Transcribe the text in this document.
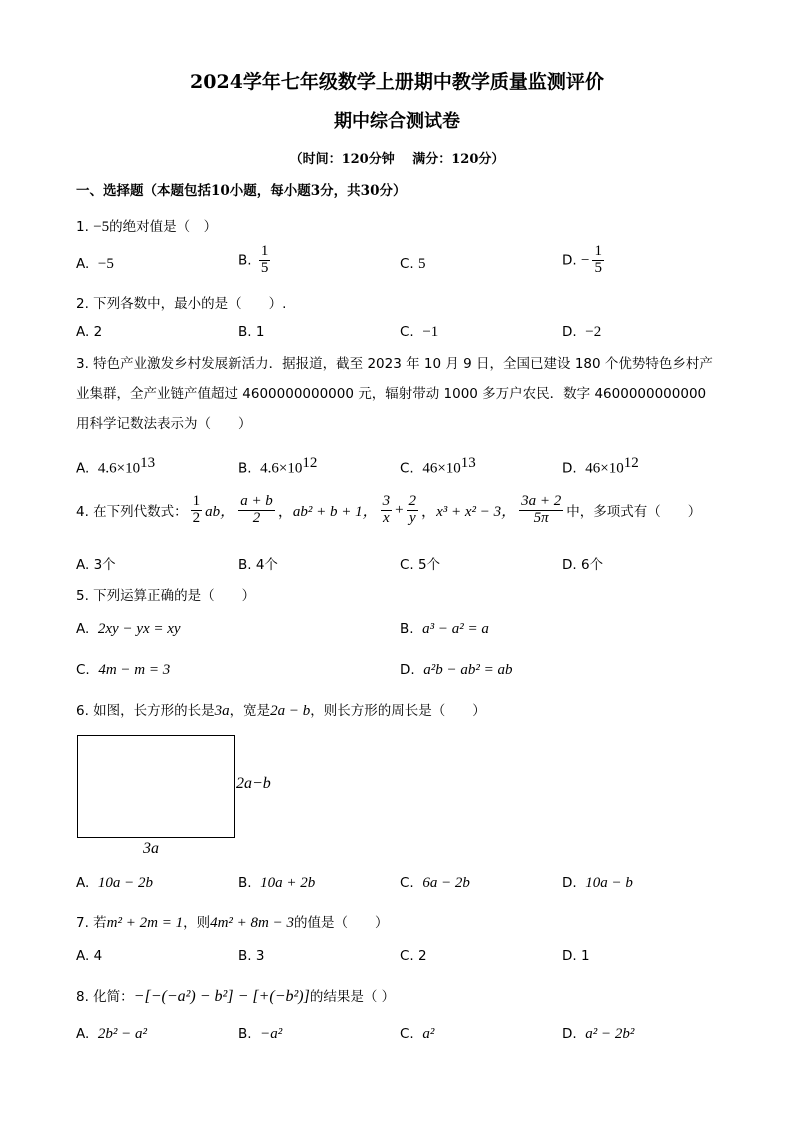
2024学年七年级数学上册期中教学质量监测评价
期中综合测试卷
（时间：120分钟　 满分：120分）
一、选择题（本题包括10小题，每小题3分，共30分）
1. −5的绝对值是（　）
A. −5	B. $\frac{1}{5}$	C. 5	D. − $\frac{1}{5}$
2. 下列各数中，最小的是（　　）.
A. 2	B. 1	C. −1	D. −2
3. 特色产业激发乡村发展新活力．据报道，截至 2023 年 10 月 9 日，全国已建设 180 个优势特色乡村产业集群，全产业链产值超过 4600000000000 元，辐射带动 1000 多万户农民．数字 4600000000000 用科学记数法表示为（　　）
A. $4.6\times 10^{13}$	B. $4.6\times 10^{12}$	C. $46\times 10^{13}$	D. $46\times 10^{12}$
4. 在下列代数式： $\frac{1}{2}$ ab， $\frac{a + b}{2}$ ， ab² + b + 1， $\frac{3}{x} + \frac{2}{y}$ ， x³ + x² − 3， $\frac{3a + 2}{5\pi}$ 中，多项式有（　　）
A. 3个	B. 4个	C. 5个	D. 6个
5. 下列运算正确的是（　　）
A. 2xy − yx = xy	B. a³ − a² = a
C. 4m − m = 3	D. a²b − ab² = ab
6. 如图，长方形的长是3a，宽是2a − b，则长方形的周长是（　　）
2a−b
3a
A. 10a − 2b	B. 10a + 2b	C. 6a − 2b	D. 10a − b
7. 若m² + 2m = 1，则4m² + 8m − 3的值是（　　）
A. 4	B. 3	C. 2	D. 1
8. 化简：−[−(−a²) − b²] − [+(−b²)]的结果是（ ）
A. 2b² − a²	B. −a²	C. a²	D. a² − 2b²
